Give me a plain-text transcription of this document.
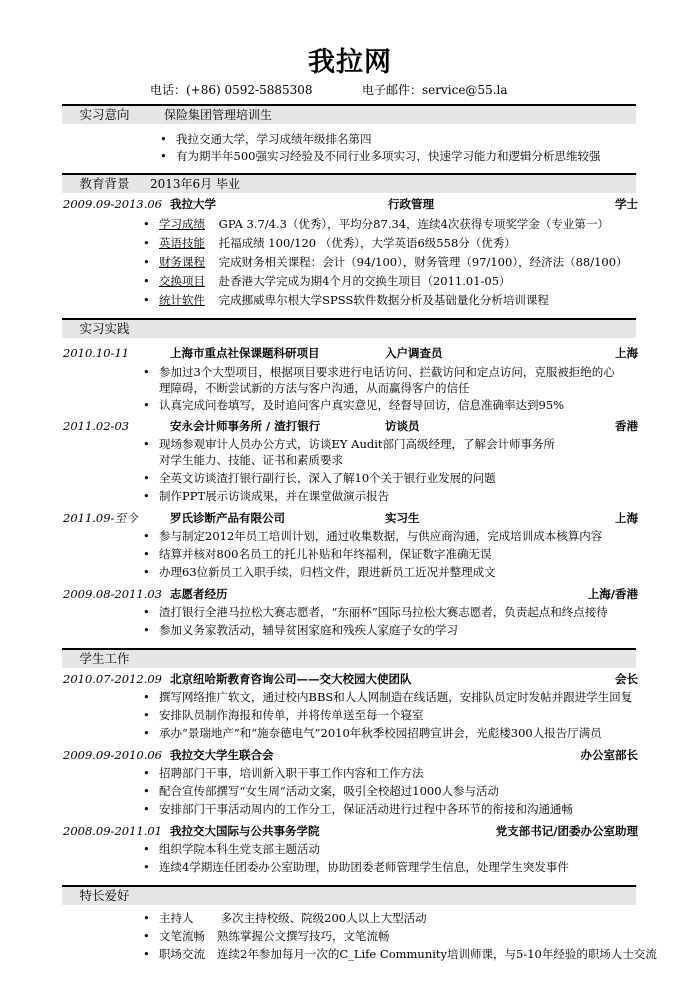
我拉网
电话：(+86) 0592-5885308	电子邮件：service@55.la
实习意向	保险集团管理培训生
• 我拉交通大学，学习成绩年级排名第四
• 有为期半年500强实习经验及不同行业多项实习，快速学习能力和逻辑分析思维较强
教育背景	2013年6月 毕业
2009.09-2013.06 我拉大学	行政管理	学士
• 学习成绩 GPA 3.7/4.3（优秀），平均分87.34，连续4次获得专项奖学金（专业第一）
• 英语技能 托福成绩 100/120 （优秀），大学英语6级558分（优秀）
• 财务课程 完成财务相关课程：会计（94/100），财务管理（97/100），经济法（88/100）
• 交换项目 赴香港大学完成为期4个月的交换生项目（2011.01-05）
• 统计软件 完成挪威卑尔根大学SPSS软件数据分析及基础量化分析培训课程
实习实践
2010.10-11	上海市重点社保课题科研项目	入户调查员	上海
• 参加过3个大型项目，根据项目要求进行电话访问、拦截访问和定点访问，克服被拒绝的心理障碍，不断尝试新的方法与客户沟通，从而赢得客户的信任
• 认真完成问卷填写，及时追问客户真实意见，经督导回访，信息准确率达到95%
2011.02-03	安永会计师事务所 / 渣打银行	访谈员	香港
• 现场参观审计人员办公方式，访谈EY Audit部门高级经理，了解会计师事务所对学生能力、技能、证书和素质要求
• 全英文访谈渣打银行副行长，深入了解10个关于银行业发展的问题
• 制作PPT展示访谈成果，并在课堂做演示报告
2011.09-至今	罗氏诊断产品有限公司	实习生	上海
• 参与制定2012年员工培训计划，通过收集数据，与供应商沟通，完成培训成本核算内容
• 结算并核对800名员工的托儿补贴和年终福利，保证数字准确无误
• 办理63位新员工入职手续，归档文件，跟进新员工近况并整理成文
2009.08-2011.03 志愿者经历	上海/香港
• 渣打银行全港马拉松大赛志愿者，“东丽杯”国际马拉松大赛志愿者，负责起点和终点接待
• 参加义务家教活动，辅导贫困家庭和残疾人家庭子女的学习
学生工作
2010.07-2012.09 北京纽哈斯教育咨询公司——交大校园大使团队	会长
• 撰写网络推广软文，通过校内BBS和人人网制造在线话题，安排队员定时发帖并跟进学生回复
• 安排队员制作海报和传单，并将传单送至每一个寝室
• 承办“景瑞地产”和“施奈德电气”2010年秋季校园招聘宣讲会，光彪楼300人报告厅满员
2009.09-2010.06 我拉交大学生联合会	办公室部长
• 招聘部门干事，培训新入职干事工作内容和工作方法
• 配合宣传部撰写“女生周”活动文案，吸引全校超过1000人参与活动
• 安排部门干事活动周内的工作分工，保证活动进行过程中各环节的衔接和沟通通畅
2008.09-2011.01 我拉交大国际与公共事务学院	党支部书记/团委办公室助理
• 组织学院本科生党支部主题活动
• 连续4学期连任团委办公室助理，协助团委老师管理学生信息，处理学生突发事件
特长爱好
• 主持人 多次主持校级、院级200人以上大型活动
• 文笔流畅 熟练掌握公文撰写技巧，文笔流畅
• 职场交流 连续2年参加每月一次的C_Life Community培训师课，与5-10年经验的职场人士交流
